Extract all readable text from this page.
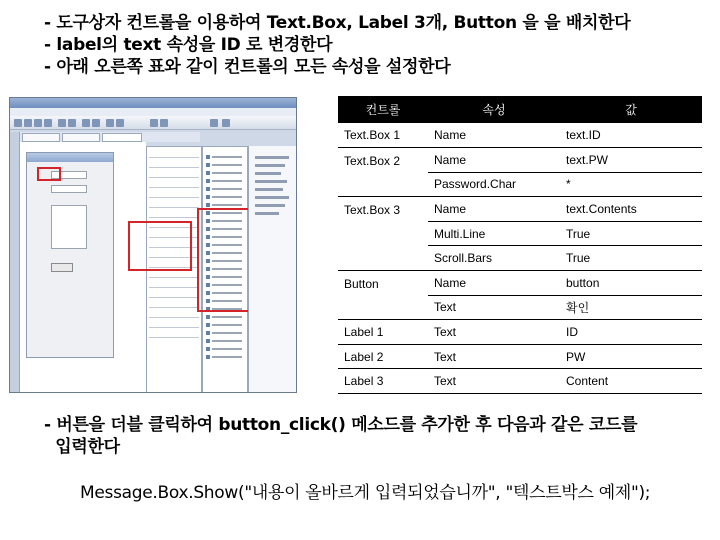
- 도구상자 컨트롤을 이용하여 Text.Box, Label 3개, Button 을 을 배치한다
- label의 text 속성을 ID 로 변경한다
- 아래 오른쪽 표와 같이 컨트롤의 모든 속성을 설정한다
컨트롤	속성	값
Text.Box 1	Name	text.ID
Text.Box 2	Name	text.PW
	Password.Char	*
Text.Box 3	Name	text.Contents
	Multi.Line	True
	Scroll.Bars	True
Button	Name	button
	Text	확인
Label 1	Text	ID
Label 2	Text	PW
Label 3	Text	Content
- 버튼을 더블 클릭하여 button_click() 메소드를 추가한 후 다음과 같은 코드를
입력한다
Message.Box.Show("내용이 올바르게 입력되었습니까", "텍스트박스 예제");
